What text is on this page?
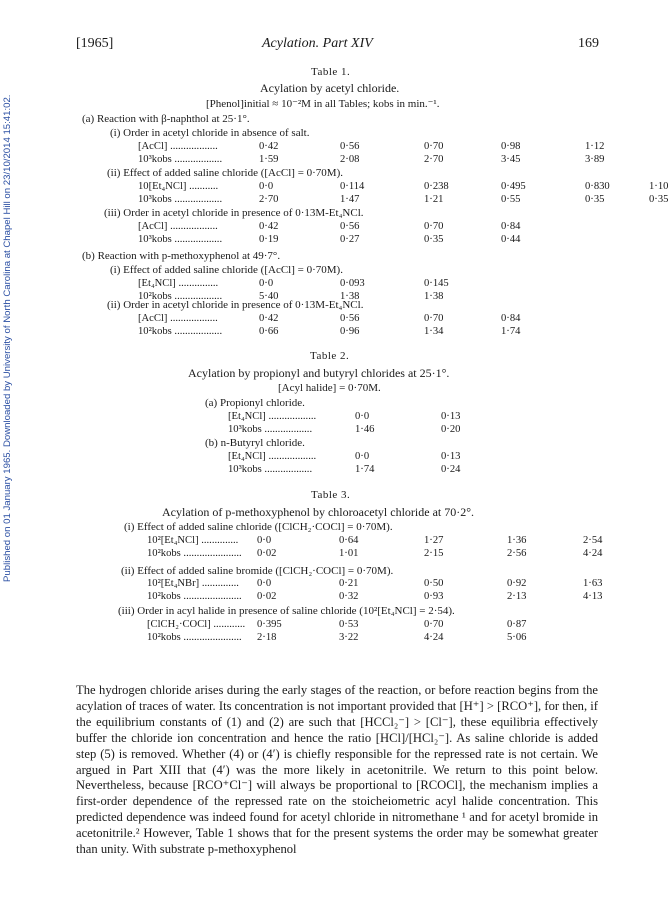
Published on 01 January 1965. Downloaded by University of North Carolina at Chapel Hill on 23/10/2014 15:41:02.
[1965]	Acylation. Part XIV	169
Table 1.
Acylation by acetyl chloride.
[Phenol]initial ≈ 10⁻²M in all Tables; kobs in min.⁻¹.
(a) Reaction with β-naphthol at 25·1°.
(i) Order in acetyl chloride in absence of salt.
(ii) Effect of added saline chloride ([AcCl] = 0·70M).
(iii) Order in acetyl chloride in presence of 0·13M-Et₄NCl.
(b) Reaction with p-methoxyphenol at 49·7°.
(i) Effect of added saline chloride ([AcCl] = 0·70M).
(ii) Order in acetyl chloride in presence of 0·13M-Et₄NCl.
[AcCl] ..................	0·42	0·56	0·70	0·98	1·12
10³kobs ..................	1·59	2·08	2·70	3·45	3·89
10[Et₄NCl] ...........	0·0	0·114	0·238	0·495	0·830	1·10
10³kobs ..................	2·70	1·47	1·21	0·55	0·35	0·35
[AcCl] ..................	0·42	0·56	0·70	0·84
10³kobs ..................	0·19	0·27	0·35	0·44
[Et₄NCl] ...............	0·0	0·093	0·145
10²kobs ..................	5·40	1·38	1·38
[AcCl] ..................	0·42	0·56	0·70	0·84
10²kobs ..................	0·66	0·96	1·34	1·74
Table 2.
Acylation by propionyl and butyryl chlorides at 25·1°.
[Acyl halide] = 0·70M.
(a) Propionyl chloride.
(b) n-Butyryl chloride.
[Et₄NCl] ..................	0·0	0·13
10³kobs ..................	1·46	0·20
[Et₄NCl] ..................	0·0	0·13
10³kobs ..................	1·74	0·24
Table 3.
Acylation of p-methoxyphenol by chloroacetyl chloride at 70·2°.
(i) Effect of added saline chloride ([ClCH₂·COCl] = 0·70M).
(ii) Effect of added saline bromide ([ClCH₂·COCl] = 0·70M).
(iii) Order in acyl halide in presence of saline chloride (10²[Et₄NCl] = 2·54).
10²[Et₄NCl] .............. 0·0	0·64	1·27	1·36	2·54
10²kobs ...................... 0·02	1·01	2·15	2·56	4·24
10²[Et₄NBr] .............. 0·0	0·21	0·50	0·92	1·63
10²kobs ...................... 0·02	0·32	0·93	2·13	4·13
[ClCH₂·COCl] ............ 0·395	0·53	0·70	0·87
10²kobs ...................... 2·18	3·22	4·24	5·06

The hydrogen chloride arises during the early stages of the reaction, or before reaction begins from the acylation of traces of water. Its concentration is not important provided that [H⁺] > [RCO⁺], for then, if the equilibrium constants of (1) and (2) are such that [HCCl₂⁻] > [Cl⁻], these equilibria effectively buffer the chloride ion concentration and hence the ratio [HCl]/[HCl₂⁻]. As saline chloride is added step (5) is removed. Whether (4) or (4′) is chiefly responsible for the repressed rate is not certain. We argued in Part XIII that (4′) was the more likely in acetonitrile. We return to this point below. Nevertheless, because [RCO⁺Cl⁻] will always be proportional to [RCOCl], the mechanism implies a first-order dependence of the repressed rate on the stoicheiometric acyl halide concentration. This predicted dependence was indeed found for acetyl chloride in nitromethane ¹ and for acetyl bromide in acetonitrile.² However, Table 1 shows that for the present systems the order may be somewhat greater than unity. With substrate p-methoxyphenol
